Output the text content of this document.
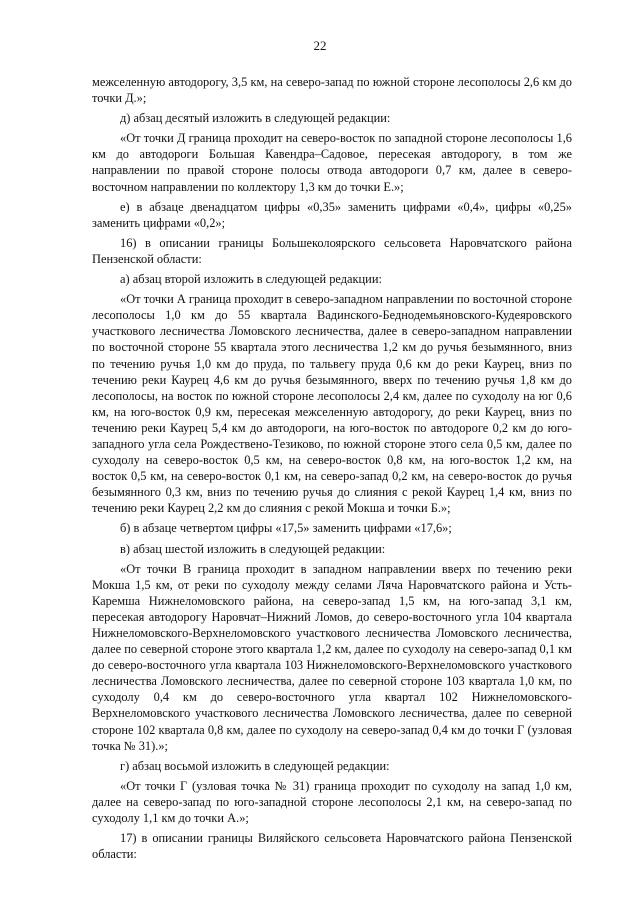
22

межселенную автодорогу, 3,5 км, на северо-запад по южной стороне лесополосы 2,6 км до точки Д.»;

д) абзац десятый изложить в следующей редакции:

«От точки Д граница проходит на северо-восток по западной стороне лесополосы 1,6 км до автодороги Большая Кавендра–Садовое, пересекая автодорогу, в том же направлении по правой стороне полосы отвода автодороги 0,7 км, далее в северо-восточном направлении по коллектору 1,3 км до точки Е.»;

е) в абзаце двенадцатом цифры «0,35» заменить цифрами «0,4», цифры «0,25» заменить цифрами «0,2»;

16) в описании границы Большеколоярского сельсовета Наровчатского района Пензенской области:

а) абзац второй изложить в следующей редакции:

«От точки А граница проходит в северо-западном направлении по восточной стороне лесополосы 1,0 км до 55 квартала Вадинского-Беднодемьяновского-Кудеяровского участкового лесничества Ломовского лесничества, далее в северо-западном направлении по восточной стороне 55 квартала этого лесничества 1,2 км до ручья безымянного, вниз по течению ручья 1,0 км до пруда, по тальвегу пруда 0,6 км до реки Каурец, вниз по течению реки Каурец 4,6 км до ручья безымянного, вверх по течению ручья 1,8 км до лесополосы, на восток по южной стороне лесополосы 2,4 км, далее по суходолу на юг 0,6 км, на юго-восток 0,9 км, пересекая межселенную автодорогу, до реки Каурец, вниз по течению реки Каурец 5,4 км до автодороги, на юго-восток по автодороге 0,2 км до юго-западного угла села Рождествено-Тезиково, по южной стороне этого села 0,5 км, далее по суходолу на северо-восток 0,5 км, на северо-восток 0,8 км, на юго-восток 1,2 км, на восток 0,5 км, на северо-восток 0,1 км, на северо-запад 0,2 км, на северо-восток до ручья безымянного 0,3 км, вниз по течению ручья до слияния с рекой Каурец 1,4 км, вниз по течению реки Каурец 2,2 км до слияния с рекой Мокша и точки Б.»;

б) в абзаце четвертом цифры «17,5» заменить цифрами «17,6»;

в) абзац шестой изложить в следующей редакции:

«От точки В граница проходит в западном направлении вверх по течению реки Мокша 1,5 км, от реки по суходолу между селами Ляча Наровчатского района и Усть-Каремша Нижнеломовского района, на северо-запад 1,5 км, на юго-запад 3,1 км, пересекая автодорогу Наровчат–Нижний Ломов, до северо-восточного угла 104 квартала Нижнеломовского-Верхнеломовского участкового лесничества Ломовского лесничества, далее по северной стороне этого квартала 1,2 км, далее по суходолу на северо-запад 0,1 км до северо-восточного угла квартала 103 Нижнеломовского-Верхнеломовского участкового лесничества Ломовского лесничества, далее по северной стороне 103 квартала 1,0 км, по суходолу 0,4 км до северо-восточного угла квартал 102 Нижнеломовского-Верхнеломовского участкового лесничества Ломовского лесничества, далее по северной стороне 102 квартала 0,8 км, далее по суходолу на северо-запад 0,4 км до точки Г (узловая точка № 31).»;

г) абзац восьмой изложить в следующей редакции:

«От точки Г (узловая точка № 31) граница проходит по суходолу на запад 1,0 км, далее на северо-запад по юго-западной стороне лесополосы 2,1 км, на северо-запад по суходолу 1,1 км до точки А.»;

17) в описании границы Виляйского сельсовета Наровчатского района Пензенской области:
